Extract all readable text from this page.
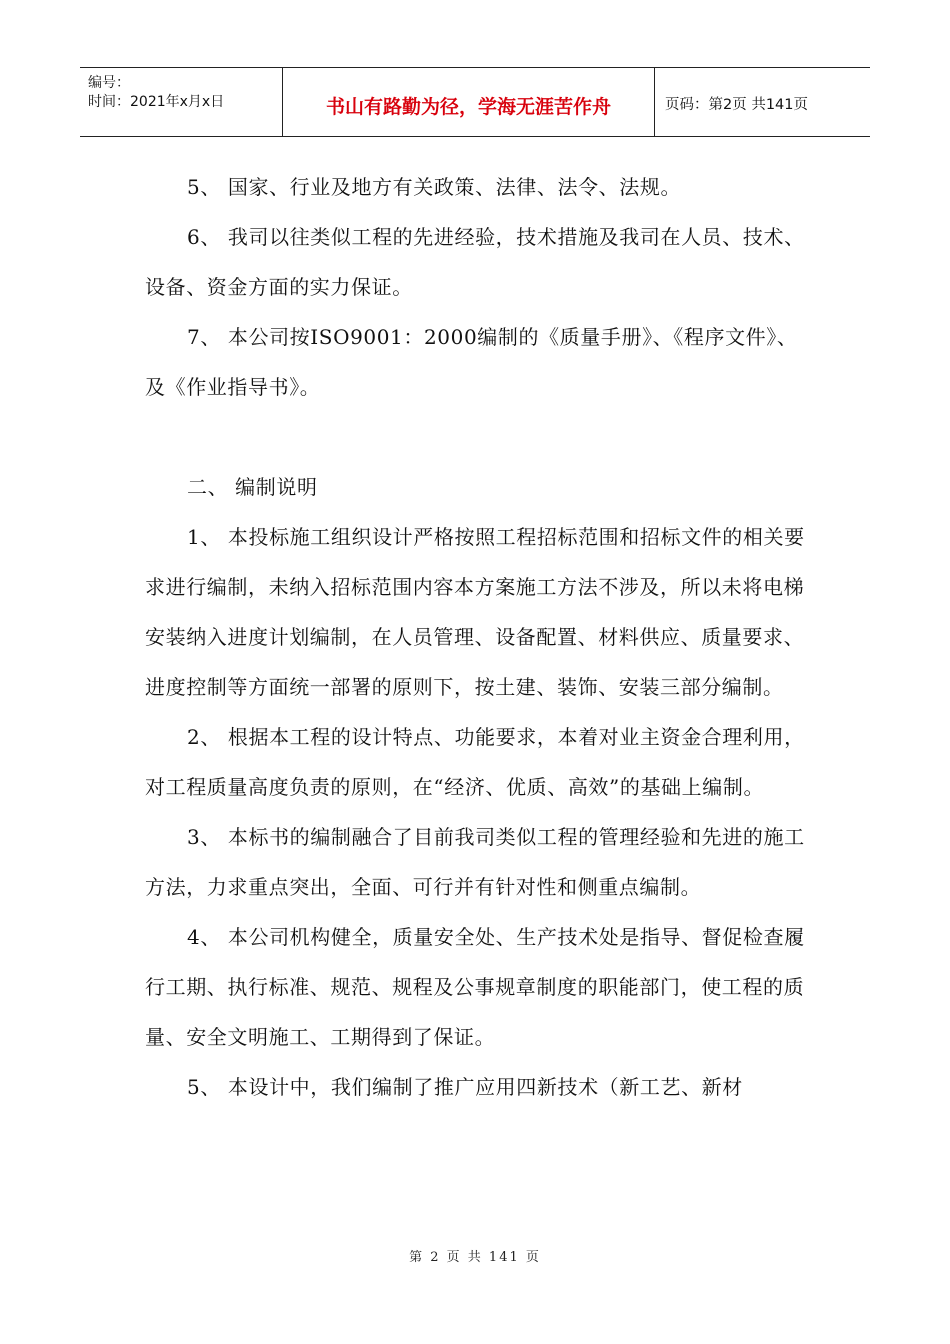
编号：
时间：2021年x月x日	书山有路勤为径，学海无涯苦作舟	页码：第2页 共141页

5、 国家、行业及地方有关政策、法律、法令、法规。

6、 我司以往类似工程的先进经验，技术措施及我司在人员、技术、设备、资金方面的实力保证。

7、 本公司按ISO9001：2000编制的《质量手册》、《程序文件》、及《作业指导书》。

二、 编制说明

1、 本投标施工组织设计严格按照工程招标范围和招标文件的相关要求进行编制，未纳入招标范围内容本方案施工方法不涉及，所以未将电梯安装纳入进度计划编制，在人员管理、设备配置、材料供应、质量要求、进度控制等方面统一部署的原则下，按土建、装饰、安装三部分编制。

2、 根据本工程的设计特点、功能要求，本着对业主资金合理利用，对工程质量高度负责的原则，在“经济、优质、高效”的基础上编制。

3、 本标书的编制融合了目前我司类似工程的管理经验和先进的施工方法，力求重点突出，全面、可行并有针对性和侧重点编制。

4、 本公司机构健全，质量安全处、生产技术处是指导、督促检查履行工期、执行标准、规范、规程及公事规章制度的职能部门，使工程的质量、安全文明施工、工期得到了保证。

5、 本设计中，我们编制了推广应用四新技术（新工艺、新材

第 2 页 共 141 页
